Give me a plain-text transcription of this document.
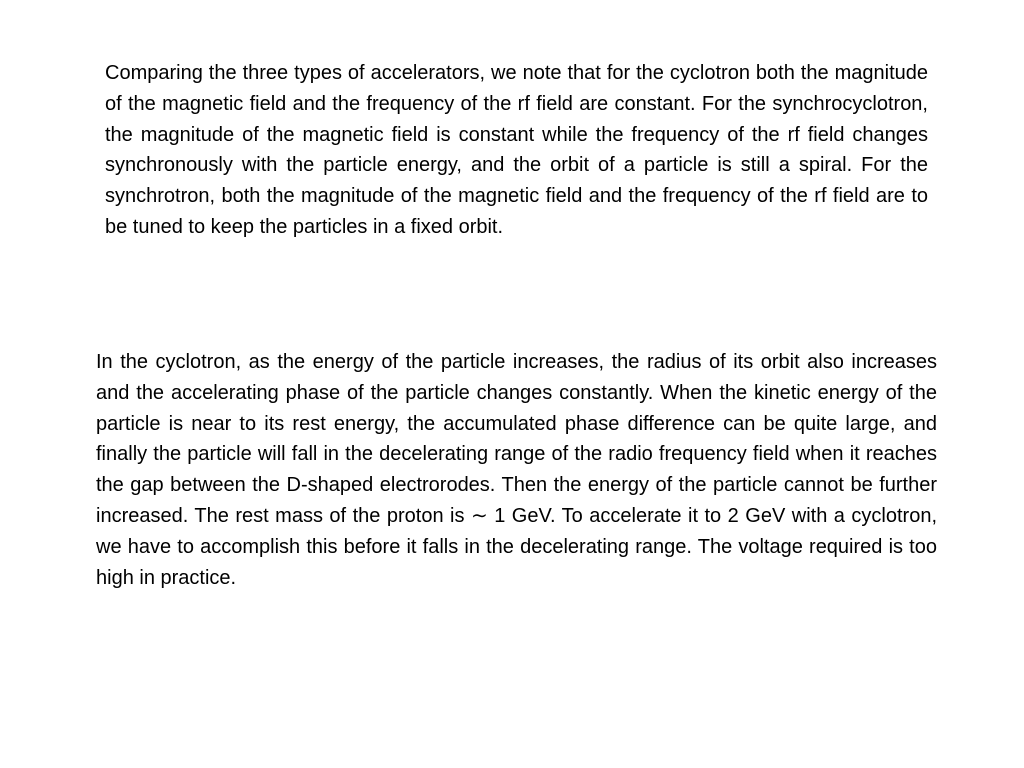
Comparing the three types of accelerators, we note that for the cyclotron both the magnitude of the magnetic field and the frequency of the rf field are constant. For the synchrocyclotron, the magnitude of the magnetic field is constant while the frequency of the rf field changes synchronously with the particle energy, and the orbit of a particle is still a spiral. For the synchrotron, both the magnitude of the magnetic field and the frequency of the rf field are to be tuned to keep the particles in a fixed orbit.

In the cyclotron, as the energy of the particle increases, the radius of its orbit also increases and the accelerating phase of the particle changes constantly. When the kinetic energy of the particle is near to its rest energy, the accumulated phase difference can be quite large, and finally the particle will fall in the decelerating range of the radio frequency field when it reaches the gap between the D-shaped electrorodes. Then the energy of the particle cannot be further increased. The rest mass of the proton is ∼ 1 GeV. To accelerate it to 2 GeV with a cyclotron, we have to accomplish this before it falls in the decelerating range. The voltage required is too high in practice.
